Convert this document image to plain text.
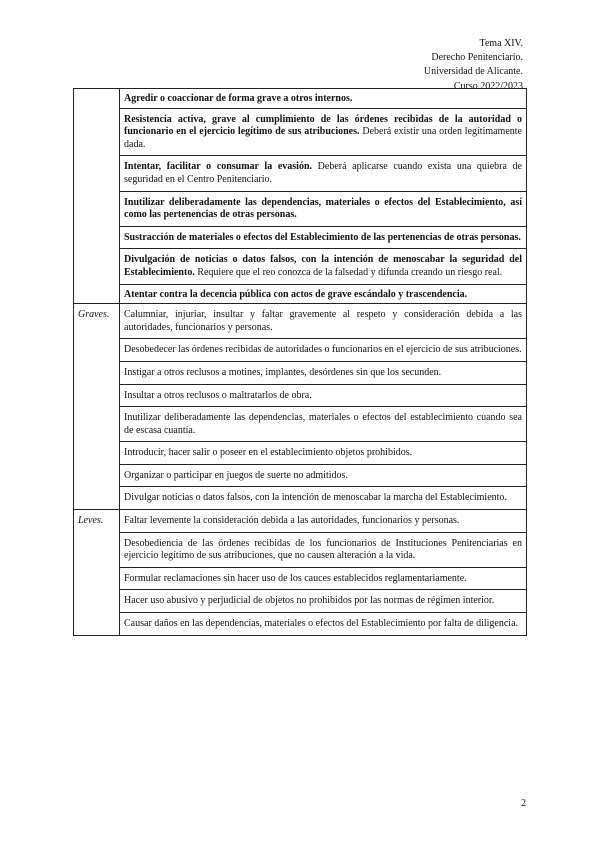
Tema XIV.
Derecho Penitenciario.
Universidad de Alicante.
Curso 2022/2023
	Agredir o coaccionar de forma grave a otros internos.
	Resistencia activa, grave al cumplimiento de las órdenes recibidas de la autoridad o funcionario en el ejercicio legítimo de sus atribuciones. Deberá existir una orden legítimamente dada.
	Intentar, facilitar o consumar la evasión. Deberá aplicarse cuando exista una quiebra de seguridad en el Centro Penitenciario.
	Inutilizar deliberadamente las dependencias, materiales o efectos del Establecimiento, así como las pertenencias de otras personas.
	Sustracción de materiales o efectos del Establecimiento de las pertenencias de otras personas.
	Divulgación de noticias o datos falsos, con la intención de menoscabar la seguridad del Establecimiento. Requiere que el reo conozca de la falsedad y difunda creando un riesgo real.
	Atentar contra la decencia pública con actos de grave escándalo y trascendencia.
Graves.	Calumniar, injuriar, insultar y faltar gravemente al respeto y consideración debida a las autoridades, funcionarios y personas.
	Desobedecer las órdenes recibidas de autoridades o funcionarios en el ejercicio de sus atribuciones.
	Instigar a otros reclusos a motines, implantes, desórdenes sin que los secunden.
	Insultar a otros reclusos o maltratarlos de obra.
	Inutilizar deliberadamente las dependencias, materiales o efectos del establecimiento cuando sea de escasa cuantía.
	Introducir, hacer salir o poseer en el establecimiento objetos prohibidos.
	Organizar o participar en juegos de suerte no admitidos.
	Divulgar noticias o datos falsos, con la intención de menoscabar la marcha del Establecimiento.
Leves.	Faltar levemente la consideración debida a las autoridades, funcionarios y personas.
	Desobediencia de las órdenes recibidas de los funcionarios de Instituciones Penitenciarias en ejercicio legítimo de sus atribuciones, que no causen alteración a la vida.
	Formular reclamaciones sin hacer uso de los cauces establecidos reglamentariamente.
	Hacer uso abusivo y perjudicial de objetos no prohibidos por las normas de régimen interior.
	Causar daños en las dependencias, materiales o efectos del Establecimiento por falta de diligencia.
2
